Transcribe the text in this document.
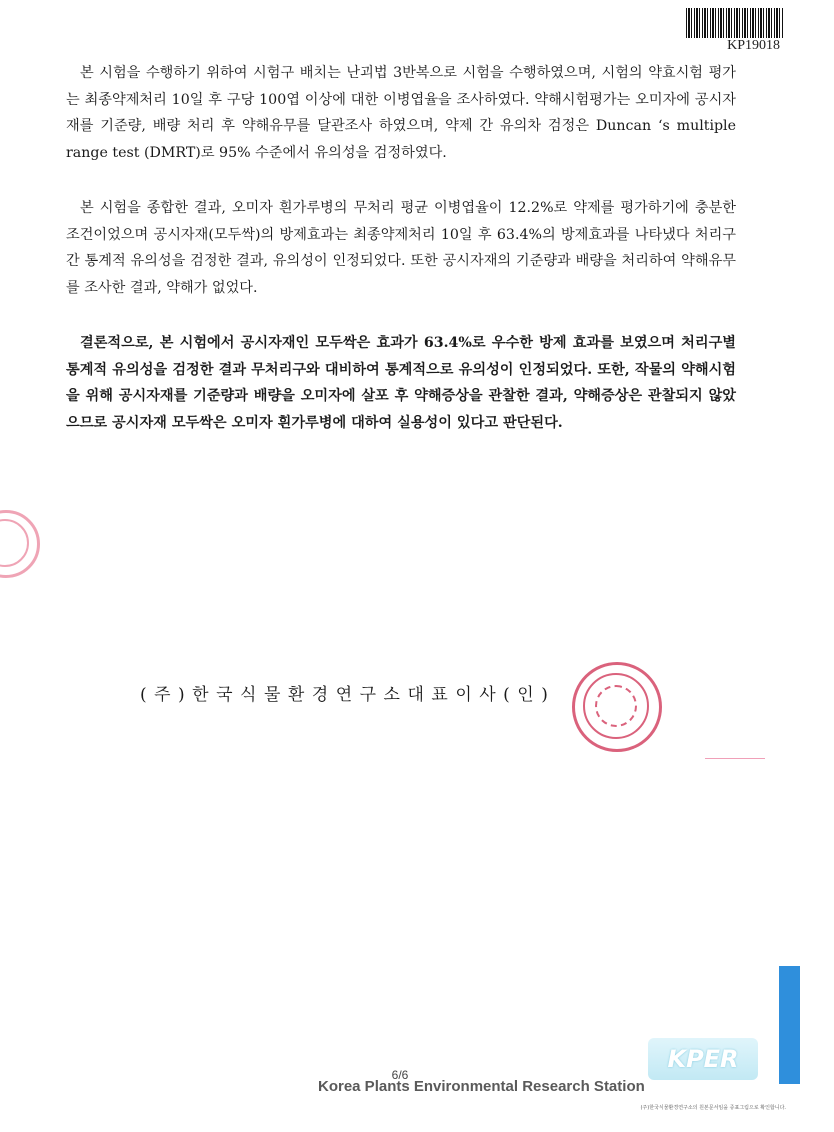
KP19018

본 시험을 수행하기 위하여 시험구 배치는 난괴법 3반복으로 시험을 수행하였으며, 시험의 약효시험 평가는 최종약제처리 10일 후 구당 100엽 이상에 대한 이병엽율을 조사하였다. 약해시험평가는 오미자에 공시자재를 기준량, 배량 처리 후 약해유무를 달관조사 하였으며, 약제 간 유의차 검정은 Duncan ‘s multiple range test (DMRT)로 95% 수준에서 유의성을 검정하였다.

본 시험을 종합한 결과, 오미자 흰가루병의 무처리 평균 이병엽율이 12.2%로 약제를 평가하기에 충분한 조건이었으며 공시자재(모두싹)의 방제효과는 최종약제처리 10일 후 63.4%의 방제효과를 나타냈다 처리구 간 통계적 유의성을 검정한 결과, 유의성이 인정되었다. 또한 공시자재의 기준량과 배량을 처리하여 약해유무를 조사한 결과, 약해가 없었다.

결론적으로, 본 시험에서 공시자재인 모두싹은 효과가 63.4%로 우수한 방제 효과를 보였으며 처리구별 통계적 유의성을 검정한 결과 무처리구와 대비하여 통계적으로 유의성이 인정되었다. 또한, 작물의 약해시험을 위해 공시자재를 기준량과 배량을 오미자에 살포 후 약해증상을 관찰한 결과, 약해증상은 관찰되지 않았으므로 공시자재 모두싹은 오미자 흰가루병에 대하여 실용성이 있다고 판단된다.

(주)한국식물환경연구소대표이사(인)
6/6
Korea Plants Environmental Research Station
KPER
(주)한국식물환경연구소의 원본문서임을 증표그림으로 확인합니다.
www.kper.or.kr
